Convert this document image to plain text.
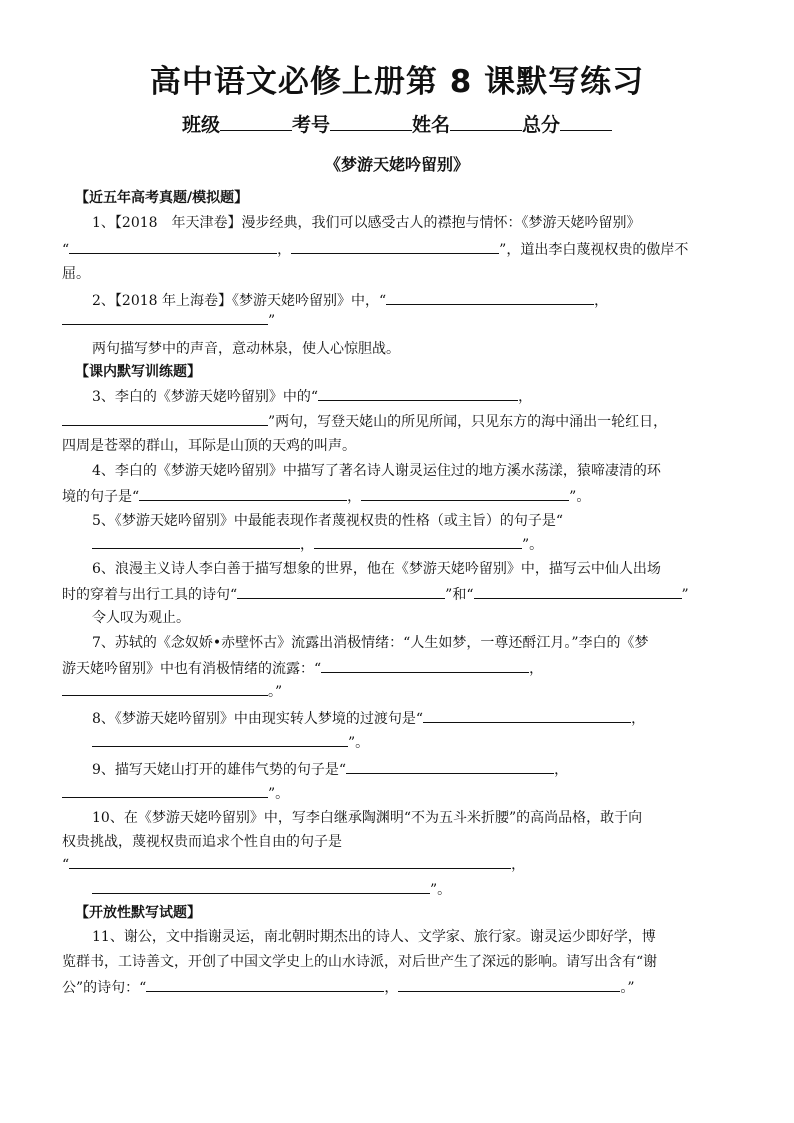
高中语文必修上册第 8 课默写练习
班级	考号	姓名	总分
《梦游天姥吟留别》
【近五年高考真题/模拟题】
1、【2018　年天津卷】漫步经典，我们可以感受古人的襟抱与情怀：《梦游天姥吟留别》
“	，	”，道出李白蔑视权贵的傲岸不
屈。
2、【2018 年上海卷】《梦游天姥吟留别》中，“	，
”
两句描写梦中的声音，意动林泉，使人心惊胆战。
【课内默写训练题】
3、李白的《梦游天姥吟留别》中的“	，
”两句，写登天姥山的所见所闻，只见东方的海中涌出一轮红日，
四周是苍翠的群山，耳际是山顶的天鸡的叫声。
4、李白的《梦游天姥吟留别》中描写了著名诗人谢灵运住过的地方溪水荡漾，猿啼凄清的环
境的句子是“	，	”。
5、《梦游天姥吟留别》中最能表现作者蔑视权贵的性格（或主旨）的句子是“
，	”。
6、浪漫主义诗人李白善于描写想象的世界，他在《梦游天姥吟留别》中，描写云中仙人出场
时的穿着与出行工具的诗句“	”和“	”
令人叹为观止。
7、苏轼的《念奴娇•赤壁怀古》流露出消极情绪：“人生如梦，一尊还酹江月。”李白的《梦
游天姥吟留别》中也有消极情绪的流露：“	，
。”
8、《梦游天姥吟留别》中由现实转人梦境的过渡句是“	，
”。
9、描写天姥山打开的雄伟气势的句子是“	，
”。
10、在《梦游天姥吟留别》中，写李白继承陶渊明“不为五斗米折腰”的高尚品格，敢于向
权贵挑战，蔑视权贵而追求个性自由的句子是
“	，
”。
【开放性默写试题】
11、谢公，文中指谢灵运，南北朝时期杰出的诗人、文学家、旅行家。谢灵运少即好学，博
览群书，工诗善文，开创了中国文学史上的山水诗派，对后世产生了深远的影响。请写出含有“谢
公”的诗句：“	，	。”
